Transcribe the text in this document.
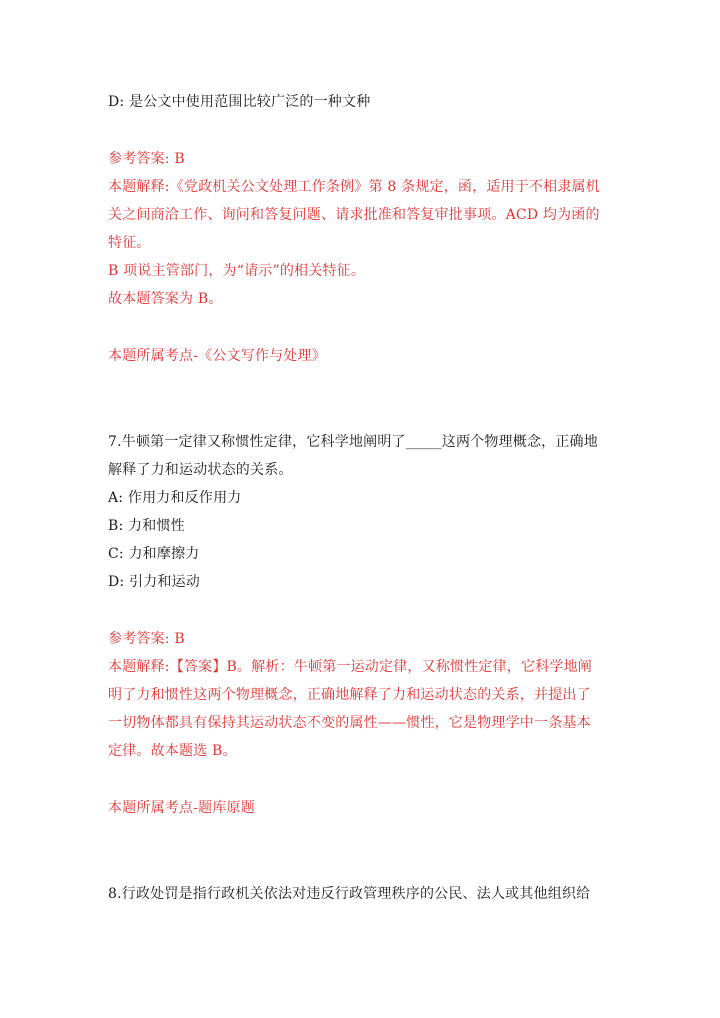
D: 是公文中使用范围比较广泛的一种文种
参考答案: B
本题解释:《党政机关公文处理工作条例》第 8 条规定，函，适用于不相隶属机
关之间商洽工作、询问和答复问题、请求批准和答复审批事项。ACD 均为函的
特征。
B 项说主管部门，为“请示”的相关特征。
故本题答案为 B。
本题所属考点-《公文写作与处理》
7.牛顿第一定律又称惯性定律，它科学地阐明了_____这两个物理概念，正确地
解释了力和运动状态的关系。
A: 作用力和反作用力
B: 力和惯性
C: 力和摩擦力
D: 引力和运动
参考答案: B
本题解释:【答案】B。解析：牛顿第一运动定律，又称惯性定律，它科学地阐
明了力和惯性这两个物理概念，正确地解释了力和运动状态的关系，并提出了
一切物体都具有保持其运动状态不变的属性——惯性，它是物理学中一条基本
定律。故本题选 B。
本题所属考点-题库原题
8.行政处罚是指行政机关依法对违反行政管理秩序的公民、法人或其他组织给
